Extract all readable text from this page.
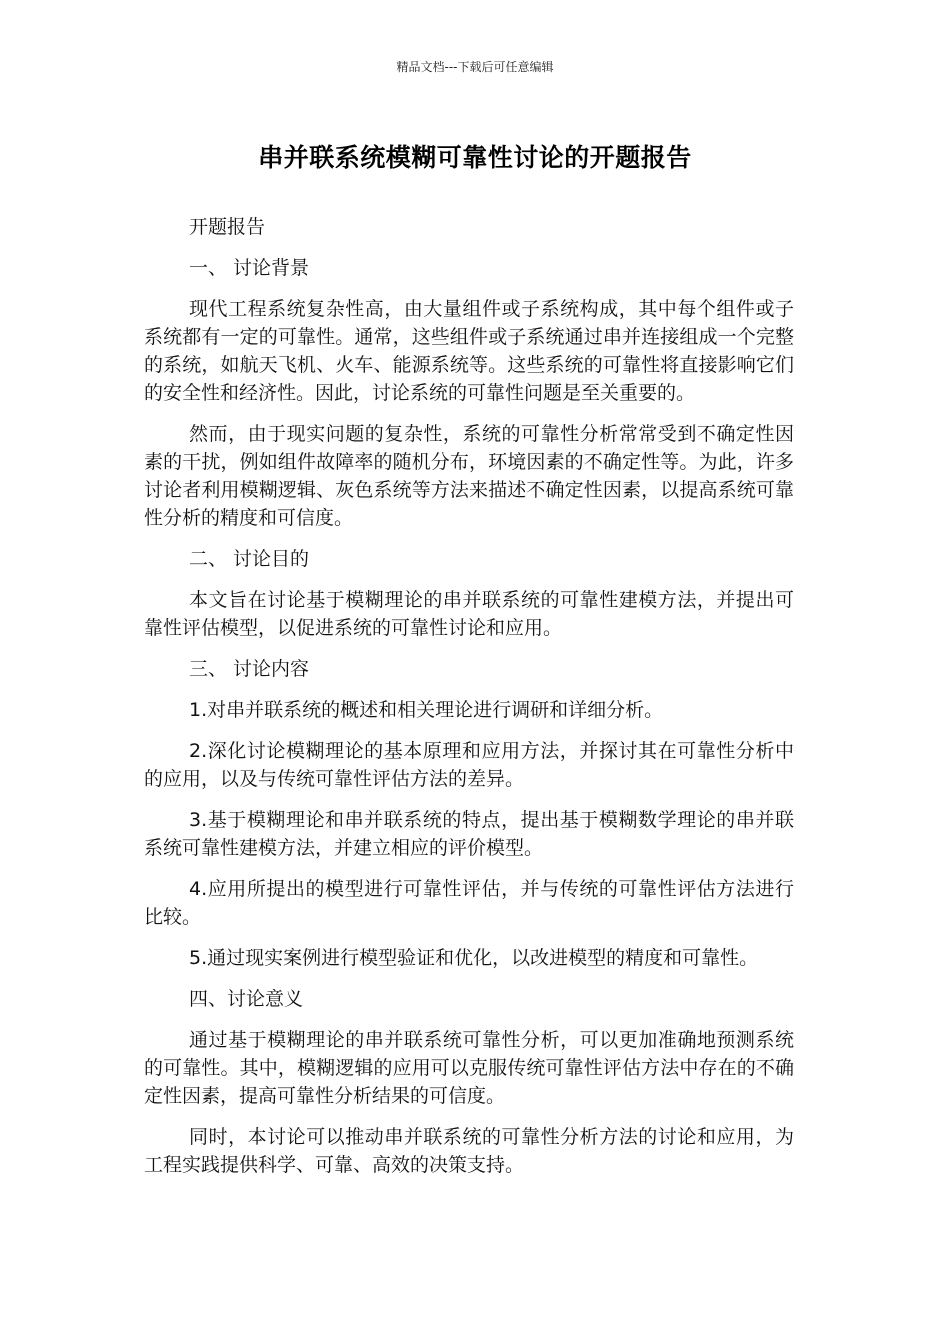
精品文档---下载后可任意编辑
串并联系统模糊可靠性讨论的开题报告

开题报告

一、 讨论背景

现代工程系统复杂性高，由大量组件或子系统构成，其中每个组件或子系统都有一定的可靠性。通常，这些组件或子系统通过串并连接组成一个完整的系统，如航天飞机、火车、能源系统等。这些系统的可靠性将直接影响它们的安全性和经济性。因此，讨论系统的可靠性问题是至关重要的。

然而，由于现实问题的复杂性，系统的可靠性分析常常受到不确定性因素的干扰，例如组件故障率的随机分布，环境因素的不确定性等。为此，许多讨论者利用模糊逻辑、灰色系统等方法来描述不确定性因素，以提高系统可靠性分析的精度和可信度。

二、 讨论目的

本文旨在讨论基于模糊理论的串并联系统的可靠性建模方法，并提出可靠性评估模型，以促进系统的可靠性讨论和应用。

三、 讨论内容

1.对串并联系统的概述和相关理论进行调研和详细分析。

2.深化讨论模糊理论的基本原理和应用方法，并探讨其在可靠性分析中的应用，以及与传统可靠性评估方法的差异。

3.基于模糊理论和串并联系统的特点，提出基于模糊数学理论的串并联系统可靠性建模方法，并建立相应的评价模型。

4.应用所提出的模型进行可靠性评估，并与传统的可靠性评估方法进行比较。

5.通过现实案例进行模型验证和优化，以改进模型的精度和可靠性。

四、讨论意义

通过基于模糊理论的串并联系统可靠性分析，可以更加准确地预测系统的可靠性。其中，模糊逻辑的应用可以克服传统可靠性评估方法中存在的不确定性因素，提高可靠性分析结果的可信度。

同时，本讨论可以推动串并联系统的可靠性分析方法的讨论和应用，为工程实践提供科学、可靠、高效的决策支持。
